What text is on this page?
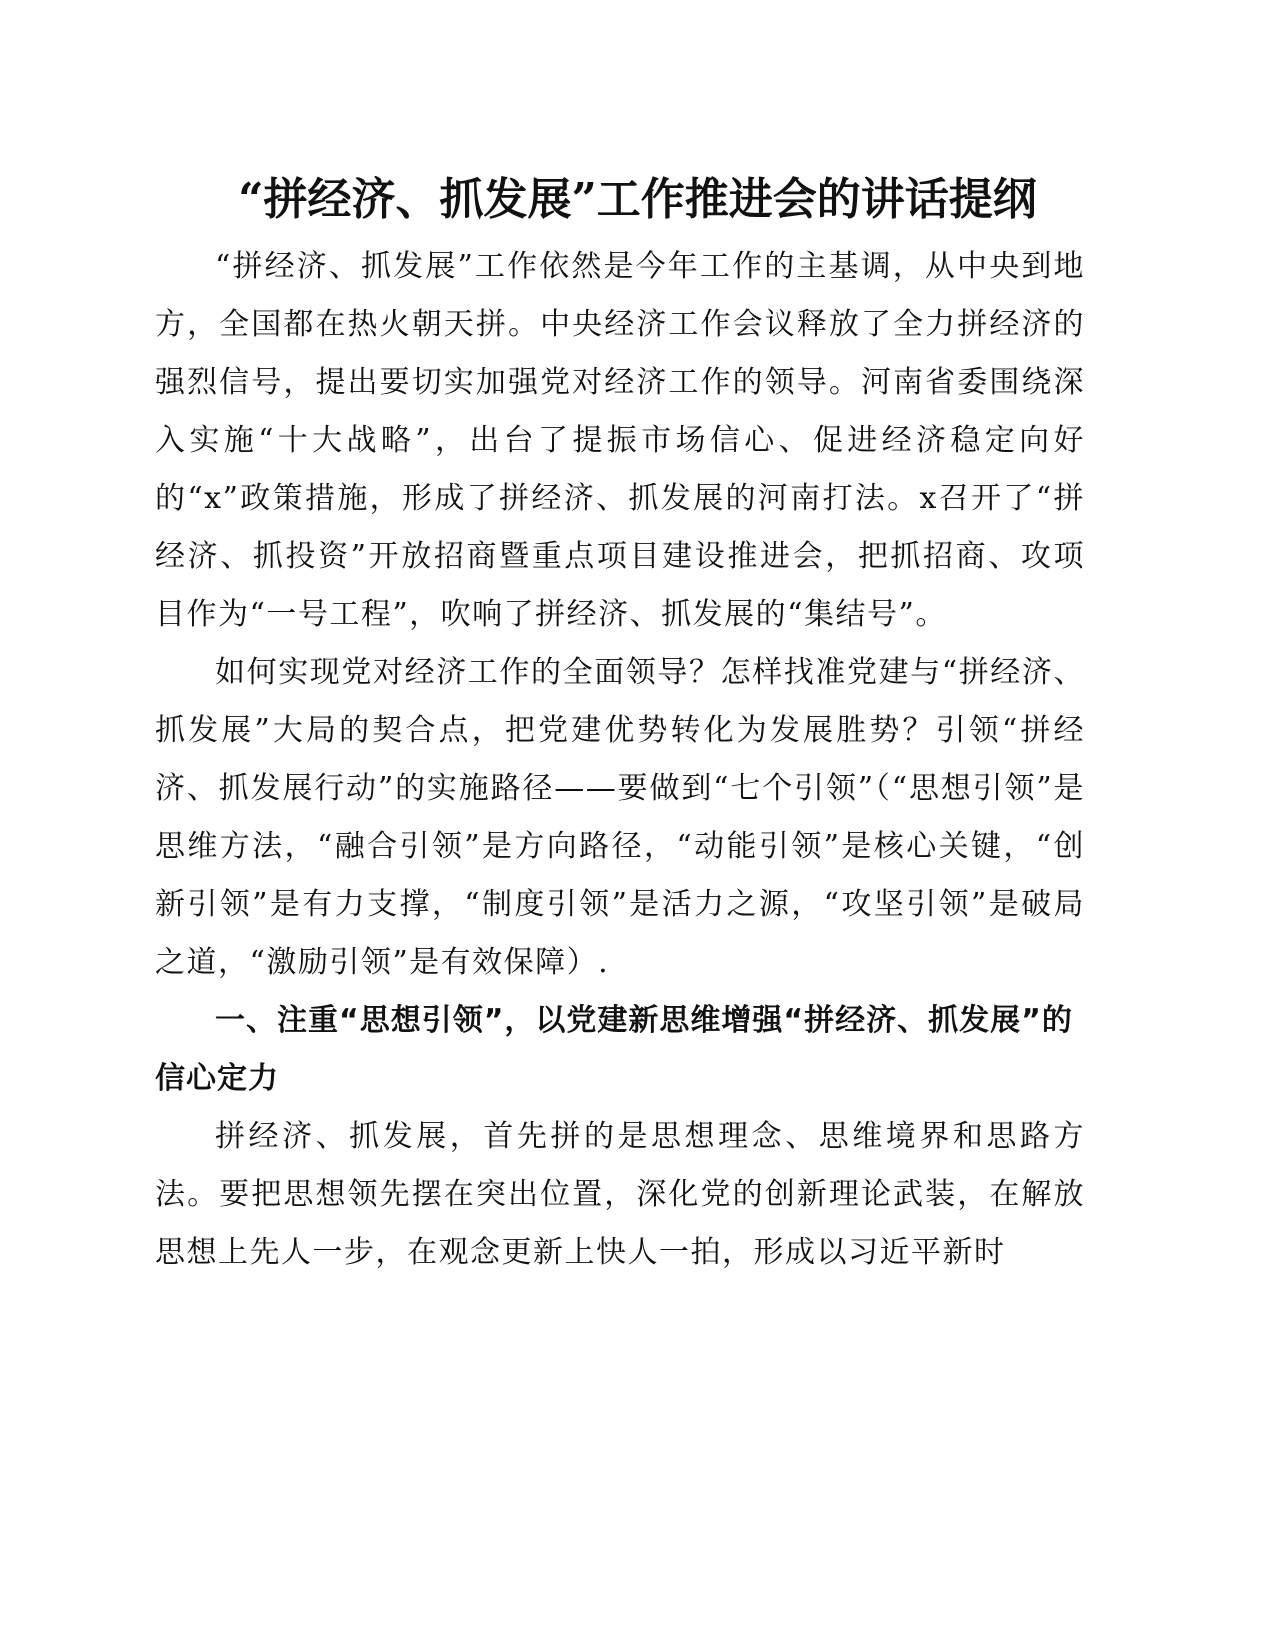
“拼经济、抓发展”工作推进会的讲话提纲

“拼经济、抓发展”工作依然是今年工作的主基调，从中央到地方，全国都在热火朝天拼。中央经济工作会议释放了全力拼经济的强烈信号，提出要切实加强党对经济工作的领导。河南省委围绕深入实施“十大战略”，出台了提振市场信心、促进经济稳定向好的“x”政策措施，形成了拼经济、抓发展的河南打法。x召开了“拼经济、抓投资”开放招商暨重点项目建设推进会，把抓招商、攻项目作为“一号工程”，吹响了拼经济、抓发展的“集结号”。

如何实现党对经济工作的全面领导？怎样找准党建与“拼经济、抓发展”大局的契合点，把党建优势转化为发展胜势？引领“拼经济、抓发展行动”的实施路径——要做到“七个引领”（“思想引领”是思维方法，“融合引领”是方向路径，“动能引领”是核心关键，“创新引领”是有力支撑，“制度引领”是活力之源，“攻坚引领”是破局之道，“激励引领”是有效保障）.

一、注重“思想引领”，以党建新思维增强“拼经济、抓发展”的信心定力

拼经济、抓发展，首先拼的是思想理念、思维境界和思路方法。要把思想领先摆在突出位置，深化党的创新理论武装，在解放思想上先人一步，在观念更新上快人一拍，形成以习近平新时
